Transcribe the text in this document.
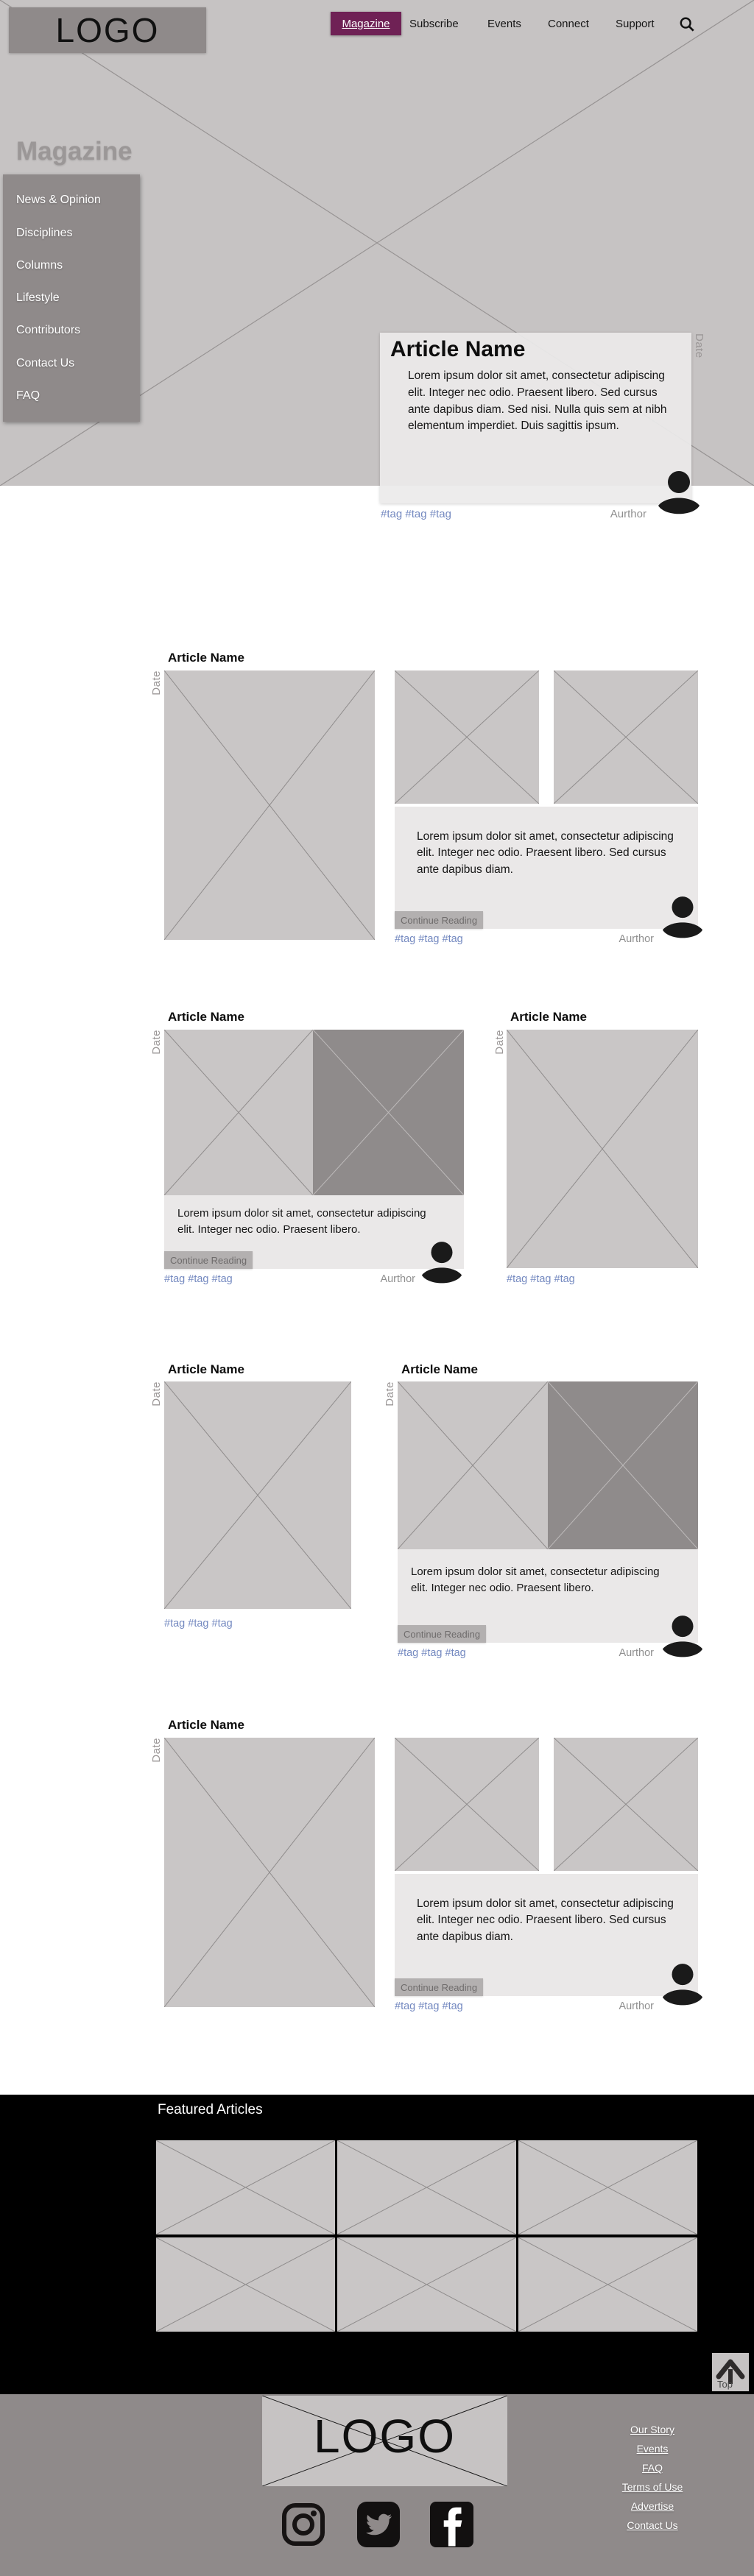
LOGO	Magazine Subscribe	Events Connect Support
Magazine
News & Opinion
Disciplines
Columns
Lifestyle
Contributors
Contact Us
FAQ
Article Name

Lorem ipsum dolor sit amet, consectetur adipiscing elit. Integer nec odio. Praesent libero. Sed cursus ante dapibus diam. Sed nisi. Nulla quis sem at nibh elementum imperdiet. Duis sagittis ipsum.

Date
#tag #tag #tag	Aurthor
Article Name
Date

Lorem ipsum dolor sit amet, consectetur adipiscing elit. Integer nec odio. Praesent libero. Sed cursus ante dapibus diam.

Continue Reading
#tag #tag #tag	Aurthor
Article Name
Date

Lorem ipsum dolor sit amet, consectetur adipiscing elit. Integer nec odio. Praesent libero.

Continue Reading
#tag #tag #tag	Aurthor
Article Name
Date
#tag #tag #tag
Article Name
Date
#tag #tag #tag
Article Name
Date

Lorem ipsum dolor sit amet, consectetur adipiscing elit. Integer nec odio. Praesent libero.

Continue Reading
#tag #tag #tag	Aurthor
Article Name
Date

Lorem ipsum dolor sit amet, consectetur adipiscing elit. Integer nec odio. Praesent libero. Sed cursus ante dapibus diam.

Continue Reading
#tag #tag #tag	Aurthor
Featured Articles
Top
LOGO	Our Story
Events
FAQ
Terms of Use
Advertise
Contact Us
